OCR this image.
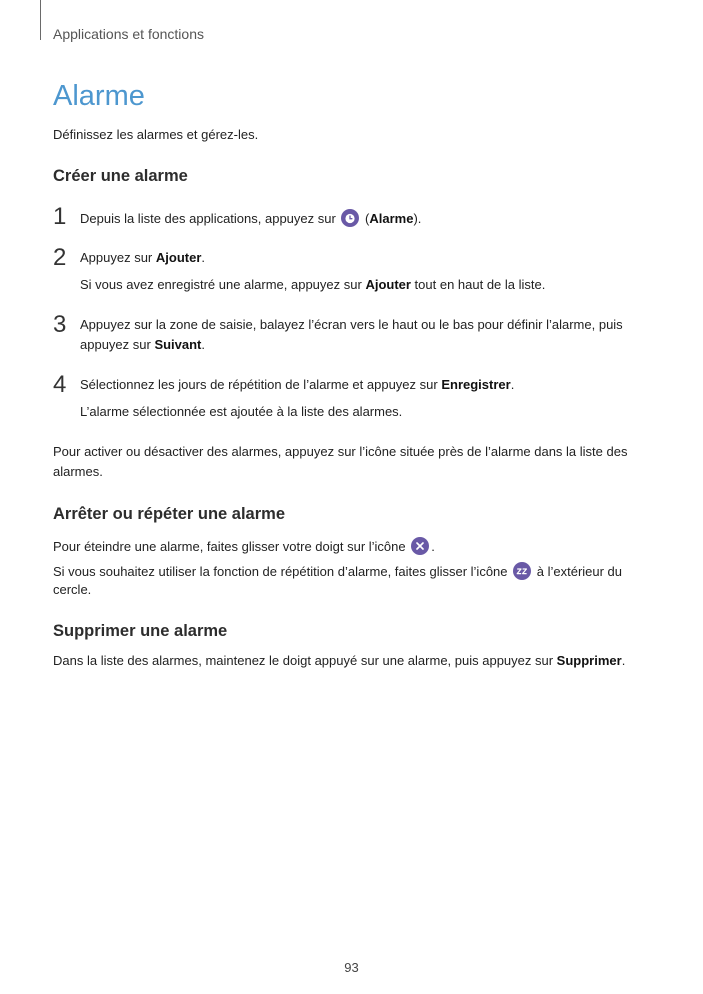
Applications et fonctions
Alarme
Définissez les alarmes et gérez-les.
Créer une alarme
1 Depuis la liste des applications, appuyez sur
(Alarme).
2 Appuyez sur Ajouter.
Si vous avez enregistré une alarme, appuyez sur Ajouter tout en haut de la liste.
3 Appuyez sur la zone de saisie, balayez l’écran vers le haut ou le bas pour définir l’alarme, puis
appuyez sur Suivant.
4 Sélectionnez les jours de répétition de l’alarme et appuyez sur Enregistrer.
L’alarme sélectionnée est ajoutée à la liste des alarmes.
Pour activer ou désactiver des alarmes, appuyez sur l’icône située près de l’alarme dans la liste des
alarmes.
Arrêter ou répéter une alarme
Pour éteindre une alarme, faites glisser votre doigt sur l’icône .
Si vous souhaitez utiliser la fonction de répétition d’alarme, faites glisser l’icône
à l’extérieur du
cercle.
Supprimer une alarme
Dans la liste des alarmes, maintenez le doigt appuyé sur une alarme, puis appuyez sur Supprimer.
93
